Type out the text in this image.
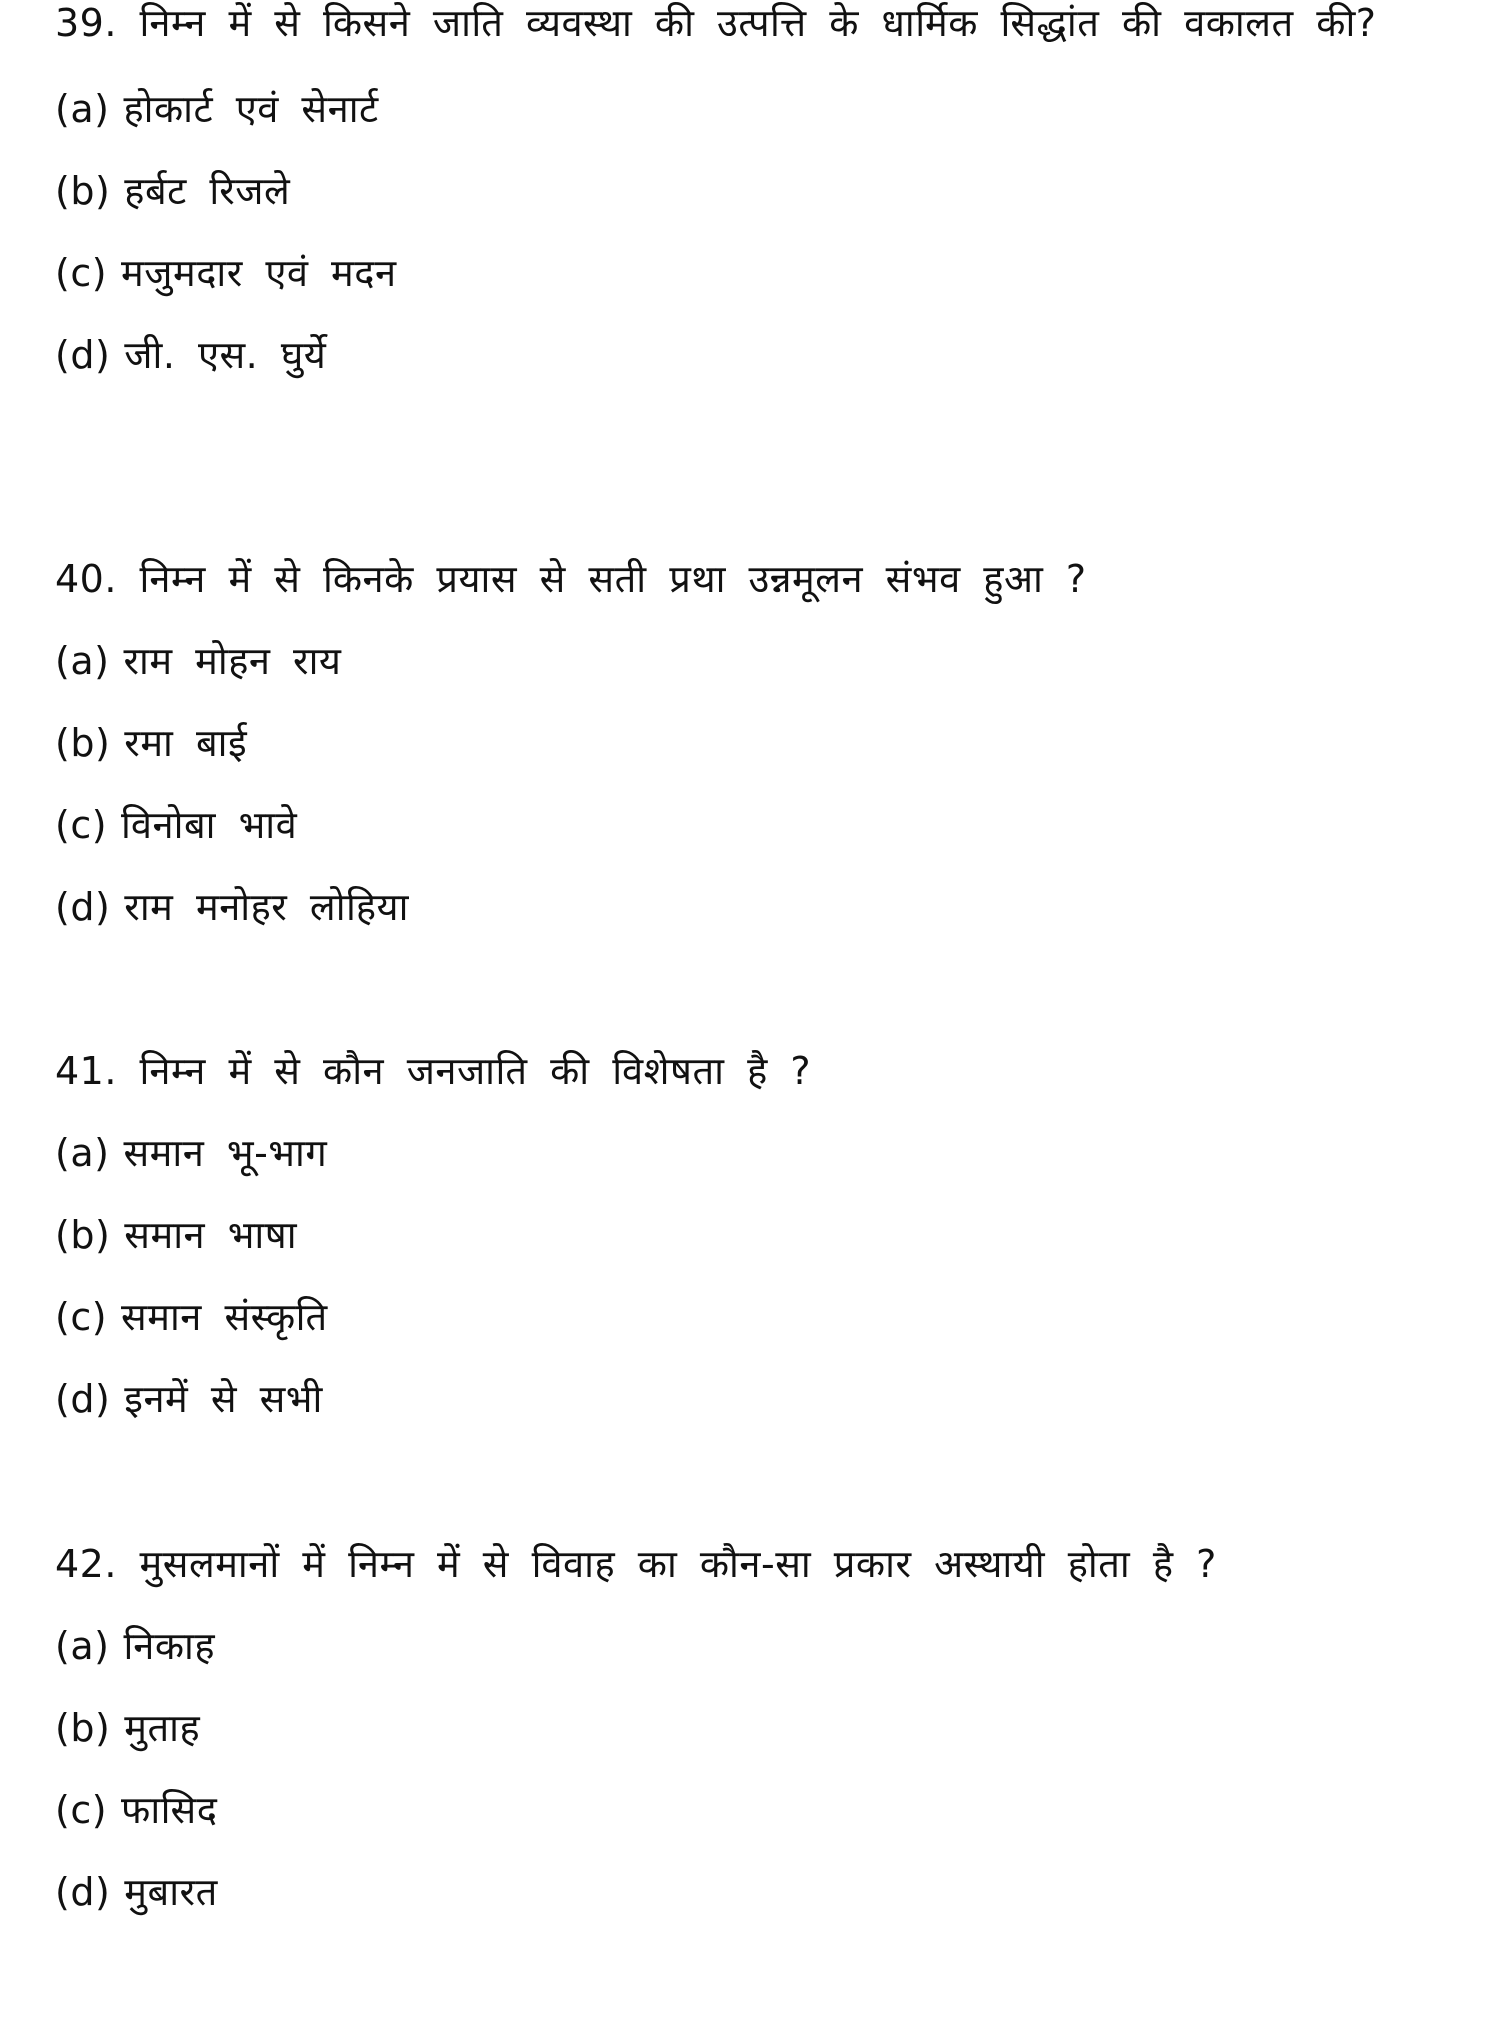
39. निम्न में से किसने जाति व्यवस्था की उत्पत्ति के धार्मिक सिद्धांत की वकालत की?

(a) होकार्ट एवं सेनार्ट
(b) हर्बट रिजले
(c) मजुमदार एवं मदन
(d) जी. एस. घुर्ये

40. निम्न में से किनके प्रयास से सती प्रथा उन्नमूलन संभव हुआ ?

(a) राम मोहन राय
(b) रमा बाई
(c) विनोबा भावे
(d) राम मनोहर लोहिया

41. निम्न में से कौन जनजाति की विशेषता है ?

(a) समान भू-भाग
(b) समान भाषा
(c) समान संस्कृति
(d) इनमें से सभी

42. मुसलमानों में निम्न में से विवाह का कौन-सा प्रकार अस्थायी होता है ?

(a) निकाह
(b) मुताह
(c) फासिद
(d) मुबारत
